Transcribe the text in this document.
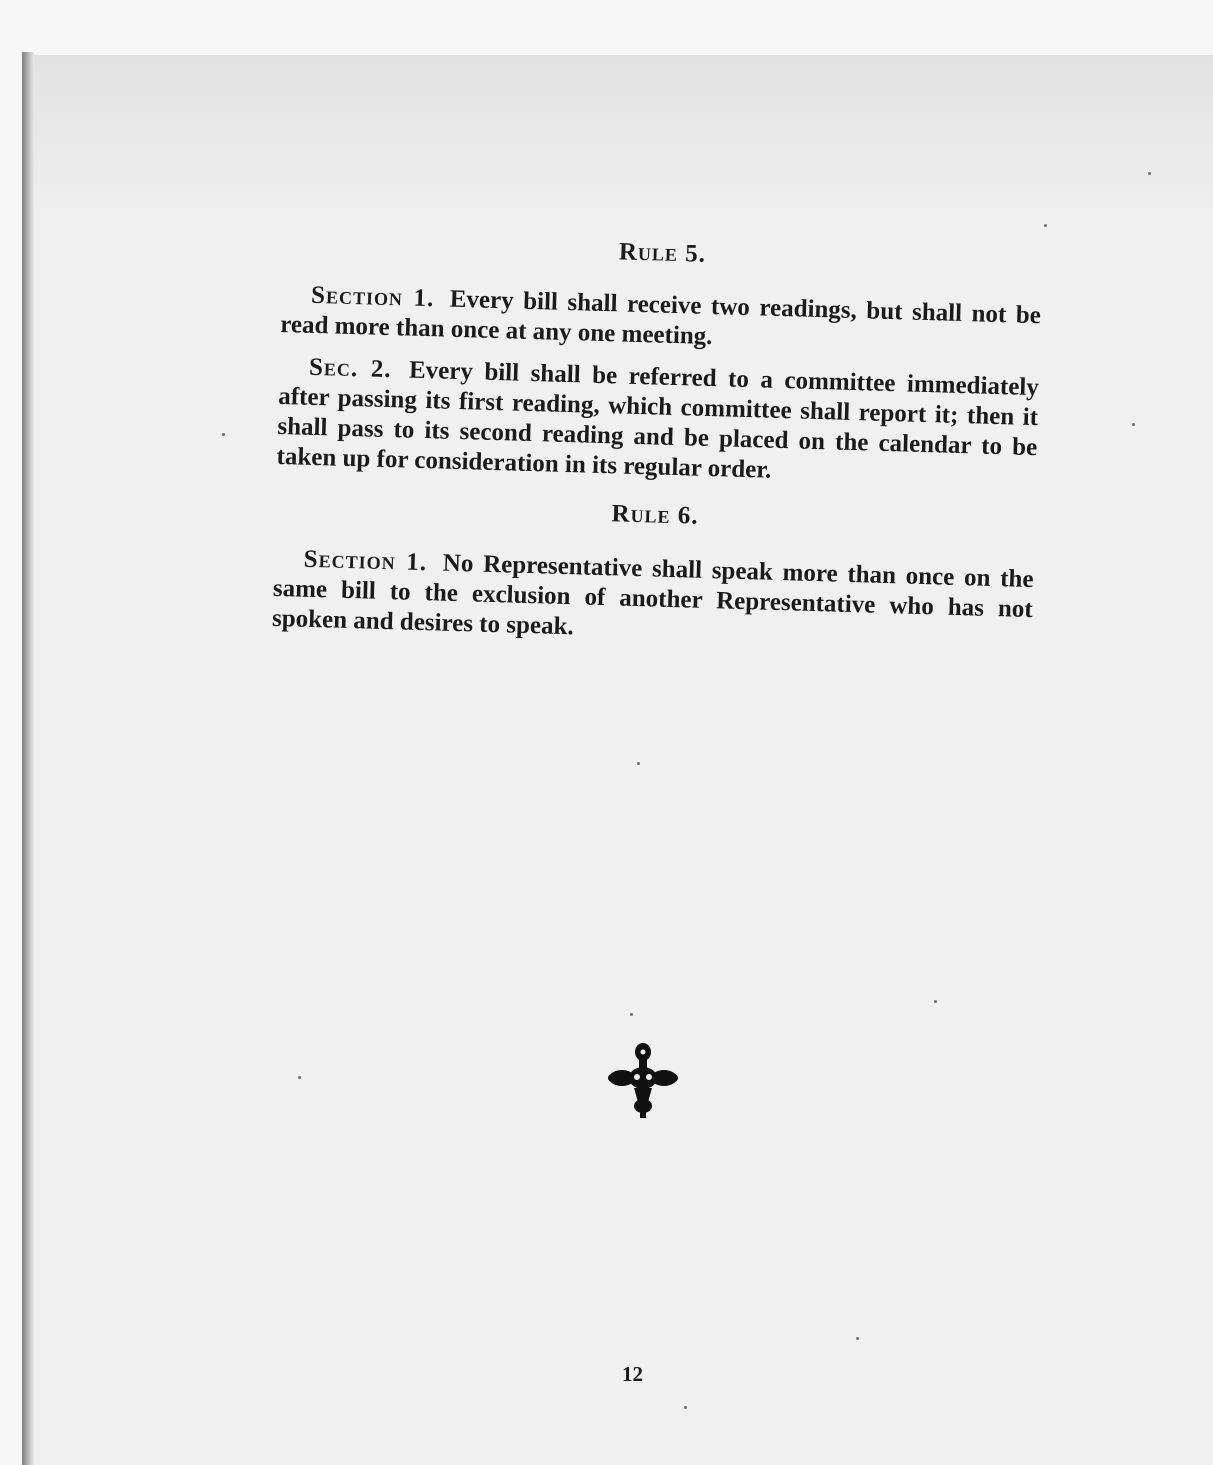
Rule 5.

Section 1. Every bill shall receive two readings, but shall not be read more than once at any one meeting.

Sec. 2. Every bill shall be referred to a committee immediately after passing its first reading, which committee shall report it; then it shall pass to its second reading and be placed on the calendar to be taken up for consideration in its regular order.

Rule 6.

Section 1. No Representative shall speak more than once on the same bill to the exclusion of another Representative who has not spoken and desires to speak.

12
